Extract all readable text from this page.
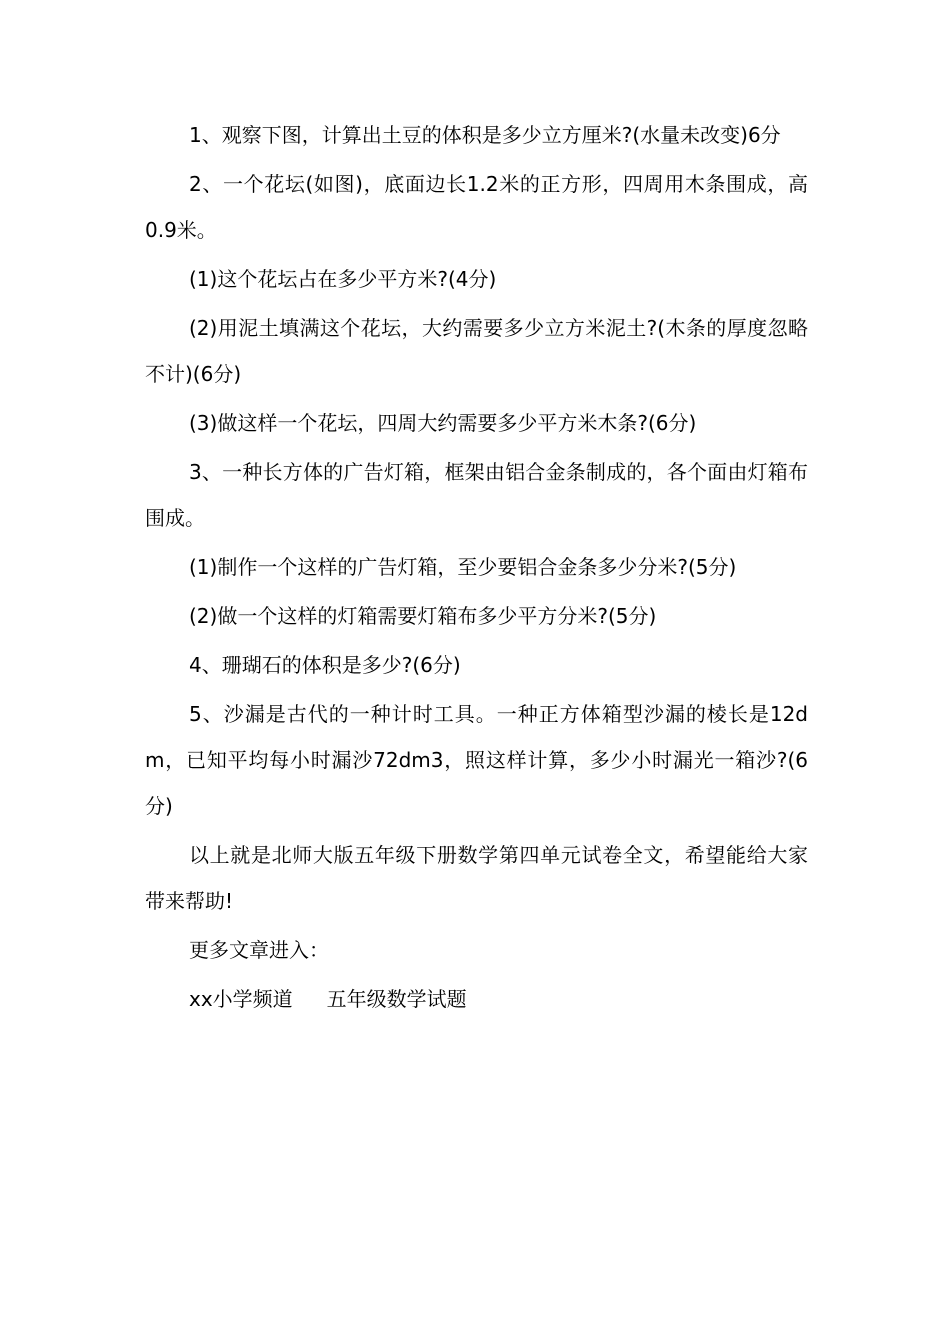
1、观察下图，计算出土豆的体积是多少立方厘米?(水量未改变)6分

2、一个花坛(如图)，底面边长1.2米的正方形，四周用木条围成，高0.9米。

(1)这个花坛占在多少平方米?(4分)

(2)用泥土填满这个花坛，大约需要多少立方米泥土?(木条的厚度忽略不计)(6分)

(3)做这样一个花坛，四周大约需要多少平方米木条?(6分)

3、一种长方体的广告灯箱，框架由铝合金条制成的，各个面由灯箱布围成。

(1)制作一个这样的广告灯箱，至少要铝合金条多少分米?(5分)

(2)做一个这样的灯箱需要灯箱布多少平方分米?(5分)

4、珊瑚石的体积是多少?(6分)

5、沙漏是古代的一种计时工具。一种正方体箱型沙漏的棱长是12dm，已知平均每小时漏沙72dm3，照这样计算，多少小时漏光一箱沙?(6分)

以上就是北师大版五年级下册数学第四单元试卷全文，希望能给大家带来帮助!

更多文章进入：

xx小学频道 五年级数学试题
